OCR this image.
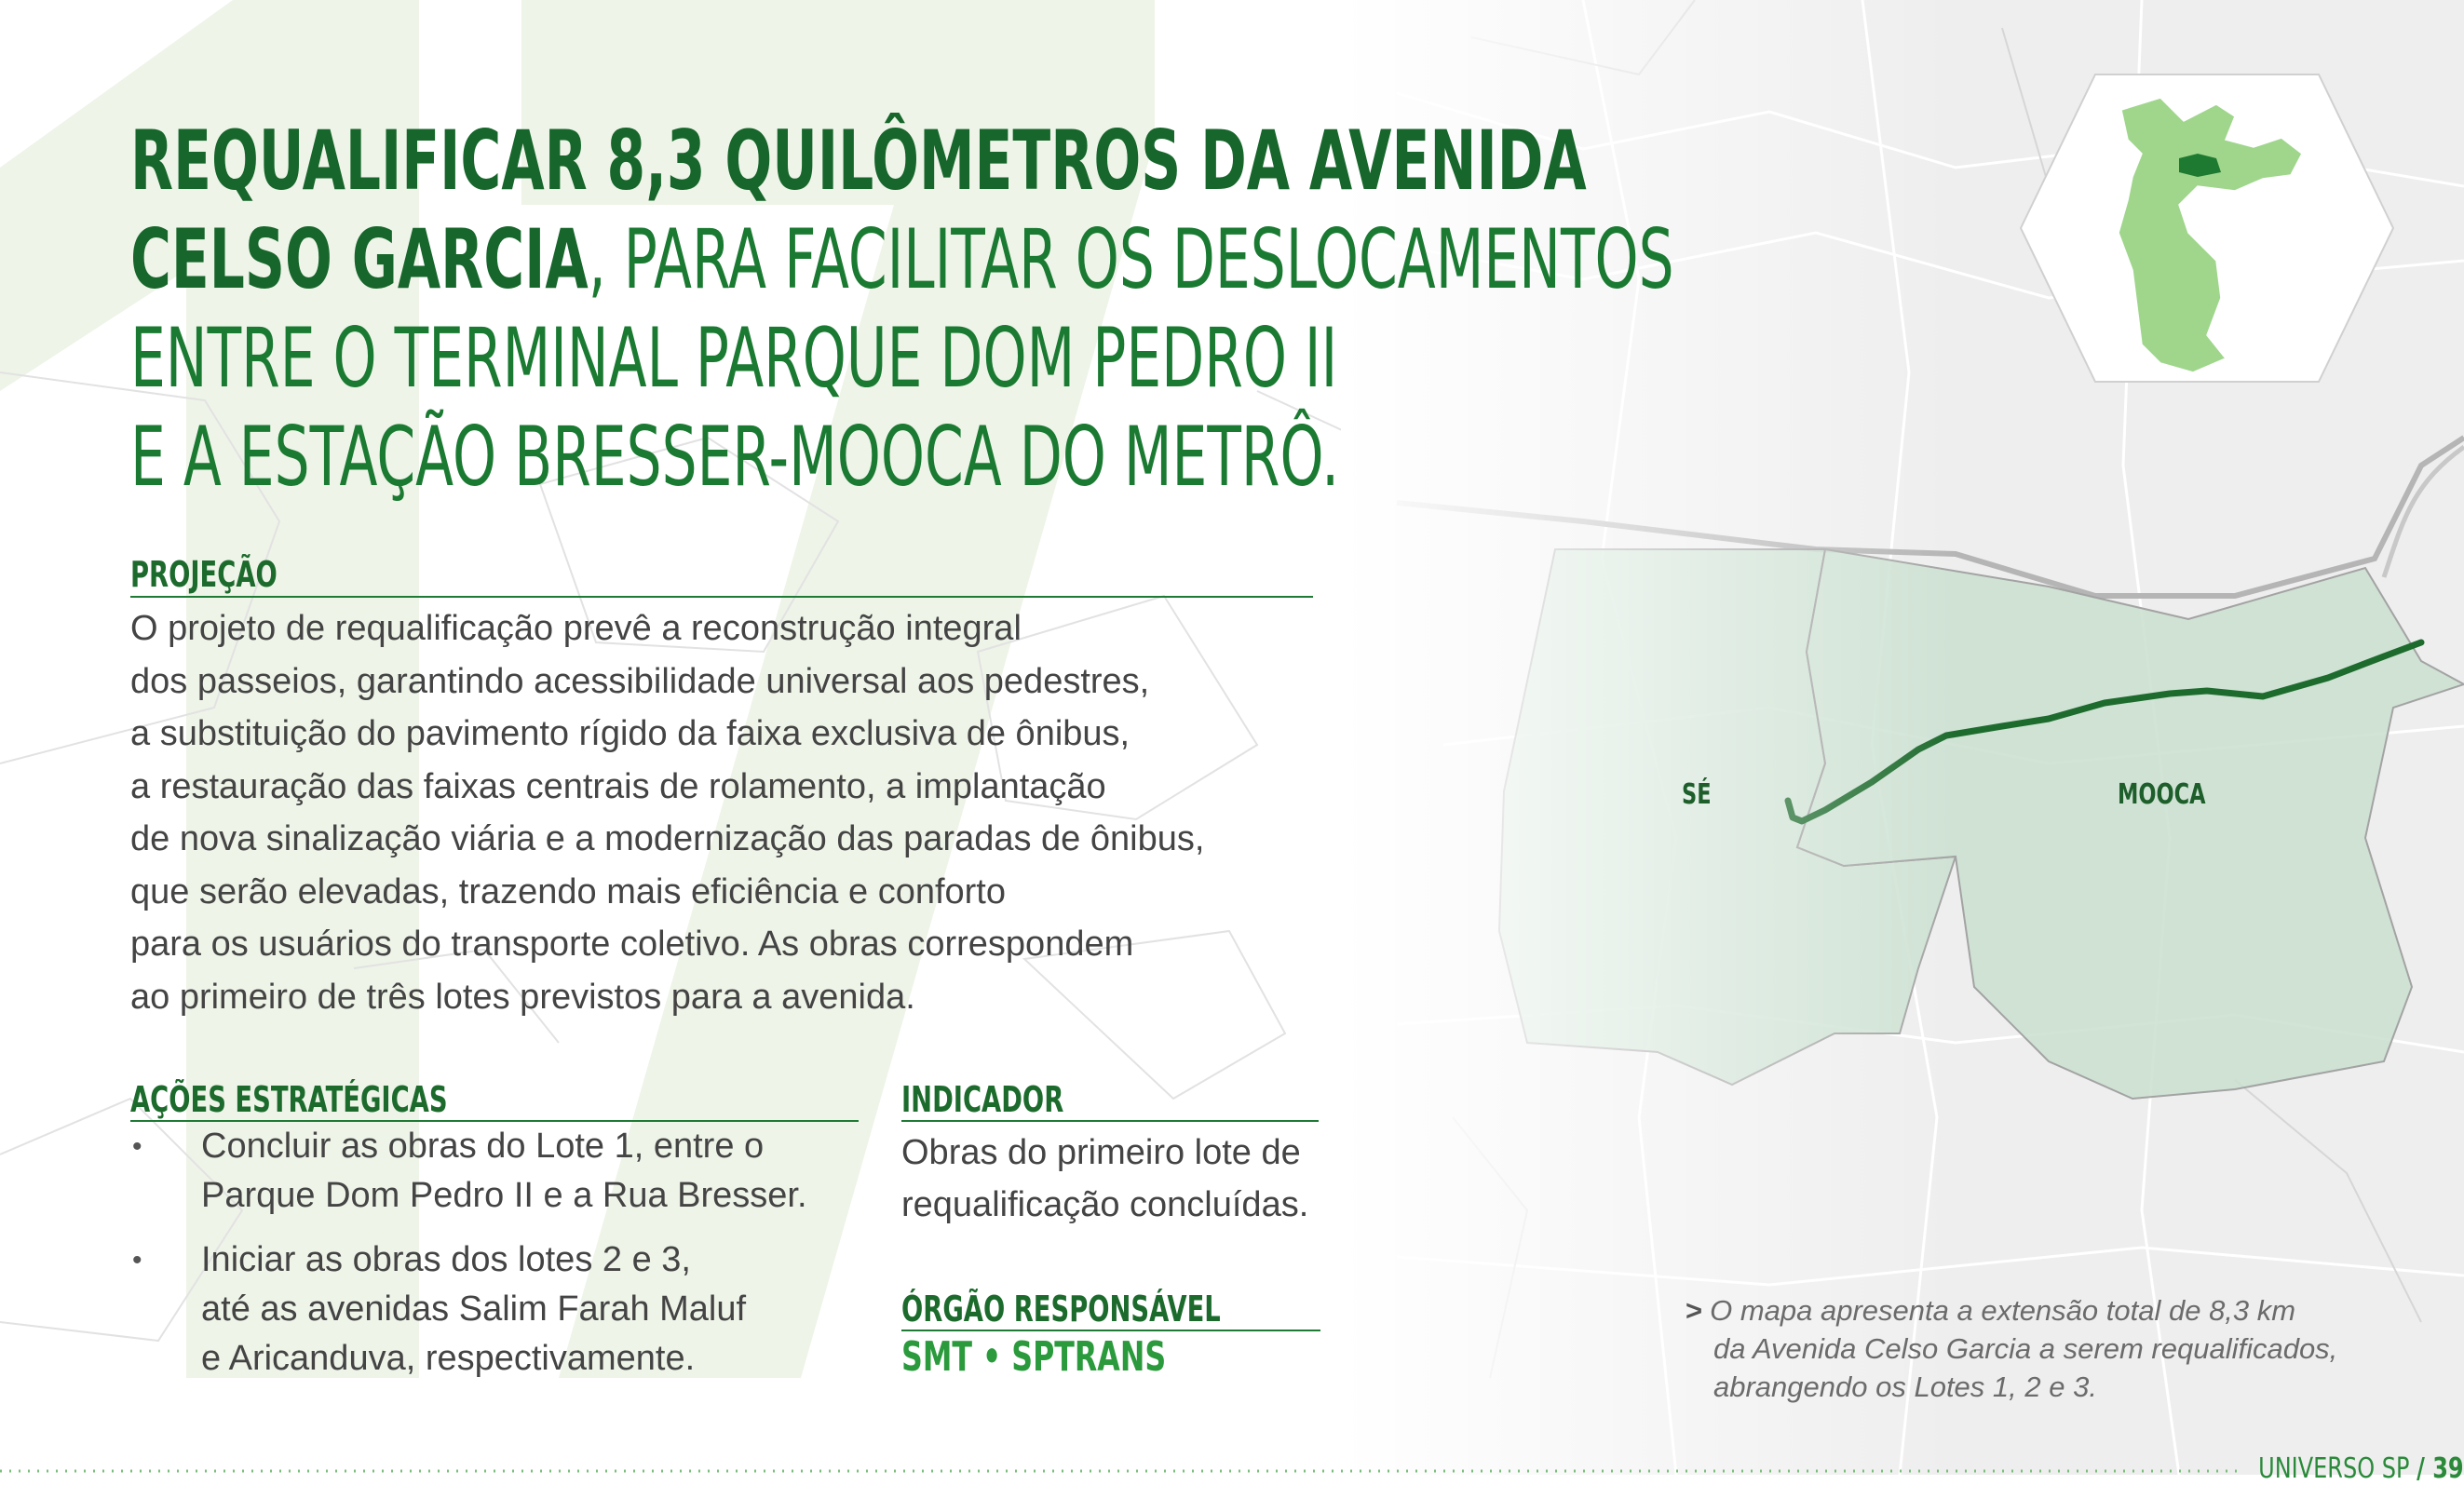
REQUALIFICAR 8,3 QUILÔMETROS DA AVENIDA
CELSO GARCIA, PARA FACILITAR OS DESLOCAMENTOS
ENTRE O TERMINAL PARQUE DOM PEDRO II
E A ESTAÇÃO BRESSER-MOOCA DO METRÔ.
PROJEÇÃO
O projeto de requalificação prevê a reconstrução integral
dos passeios, garantindo acessibilidade universal aos pedestres,
a substituição do pavimento rígido da faixa exclusiva de ônibus,
a restauração das faixas centrais de rolamento, a implantação
de nova sinalização viária e a modernização das paradas de ônibus,
que serão elevadas, trazendo mais eficiência e conforto
para os usuários do transporte coletivo. As obras correspondem
ao primeiro de três lotes previstos para a avenida.
AÇÕES ESTRATÉGICAS
• Concluir as obras do Lote 1, entre o
Parque Dom Pedro II e a Rua Bresser.
• Iniciar as obras dos lotes 2 e 3,
até as avenidas Salim Farah Maluf
e Aricanduva, respectivamente.
INDICADOR
Obras do primeiro lote de
requalificação concluídas.
ÓRGÃO RESPONSÁVEL
SMT • SPTRANS
SÉ	MOOCA
> O mapa apresenta a extensão total de 8,3 km
da Avenida Celso Garcia a serem requalificados,
abrangendo os Lotes 1, 2 e 3.
UNIVERSO SP / 39
